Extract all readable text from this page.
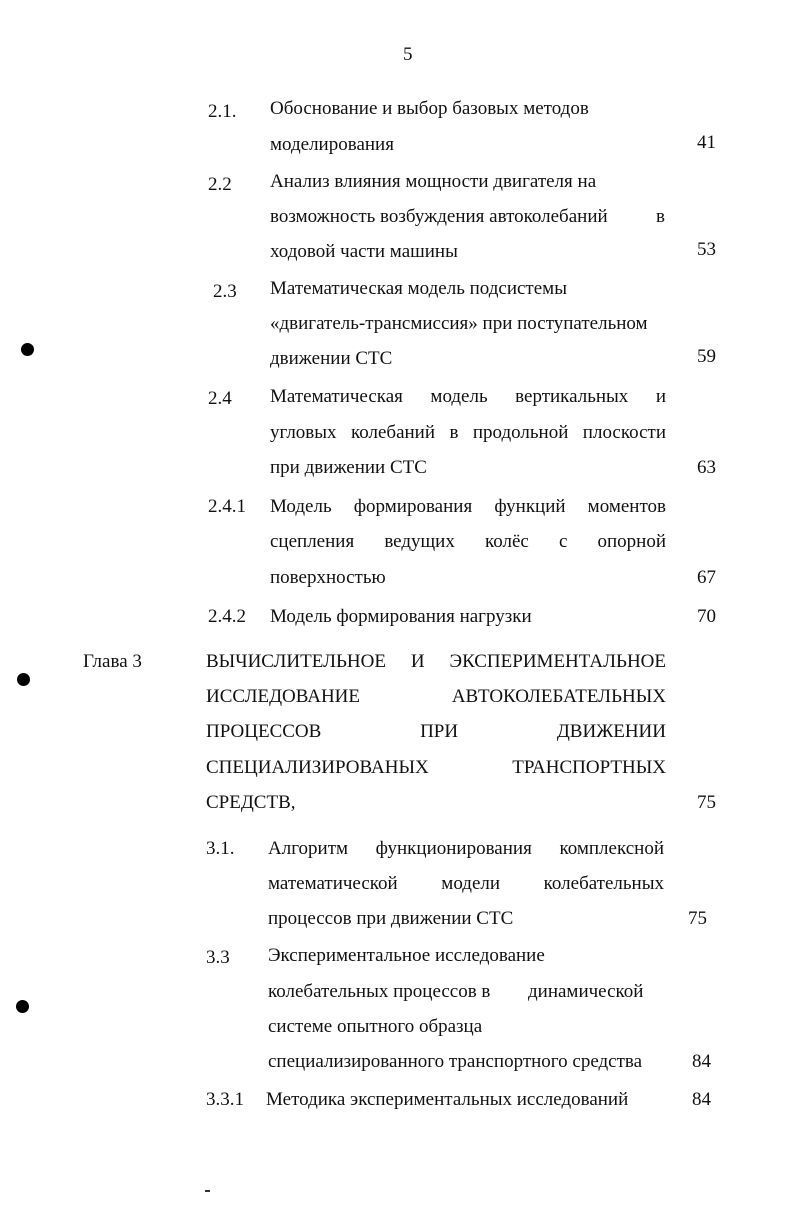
5
2.1. Обоснование и выбор базовых методов
моделирования	41
2.2 Анализ влияния мощности двигателя на
возможность возбуждения автоколебаний	в
ходовой части машины	53
2.3 Математическая модель подсистемы
«двигатель-трансмиссия» при поступательном
движении СТС	59
2.4 Математическая модель вертикальных и
угловых колебаний в продольной плоскости
при движении СТС	63
2.4.1 Модель формирования функций моментов
сцепления ведущих колёс с опорной
поверхностью	67
2.4.2 Модель формирования нагрузки	70
Глава 3	ВЫЧИСЛИТЕЛЬНОЕ И ЭКСПЕРИМЕНТАЛЬНОЕ
ИССЛЕДОВАНИЕ АВТОКОЛЕБАТЕЛЬНЫХ
ПРОЦЕССОВ ПРИ ДВИЖЕНИИ
СПЕЦИАЛИЗИРОВАНЫХ ТРАНСПОРТНЫХ
СРЕДСТВ,	75
3.1. Алгоритм функционирования комплексной
математической модели колебательных
процессов при движении СТС	75
3.3 Экспериментальное исследование
колебательных процессов в динамической
системе опытного образца
специализированного транспортного средства	84
3.3.1 Методика экспериментальных исследований	84
